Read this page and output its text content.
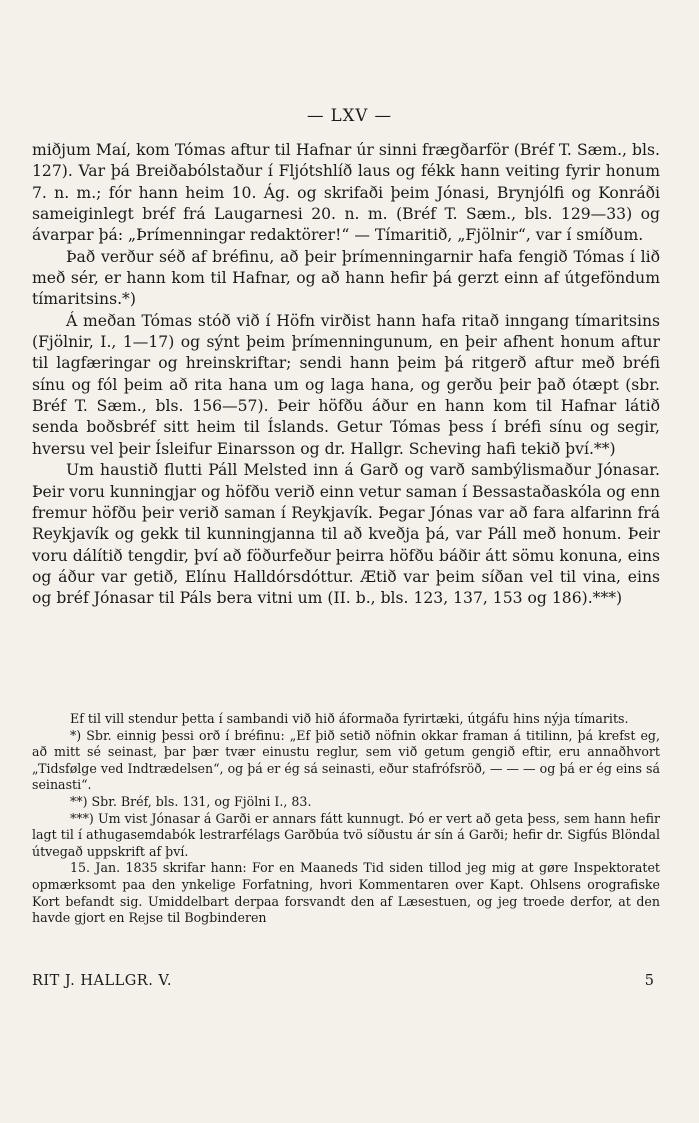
— LXV —

miðjum Maí, kom Tómas aftur til Hafnar úr sinni frægðarför (Bréf T. Sæm., bls. 127). Var þá Breiðabólstaður í Fljótshlíð laus og fékk hann veiting fyrir honum 7. n. m.; fór hann heim 10. Ág. og skrifaði þeim Jónasi, Brynjólfi og Konráði sameiginlegt bréf frá Laugarnesi 20. n. m. (Bréf T. Sæm., bls. 129—33) og ávarpar þá: „Þrímenningar redaktörer!“ — Tímaritið, „Fjölnir“, var í smíðum.

Það verður séð af bréfinu, að þeir þrímenningarnir hafa fengið Tómas í lið með sér, er hann kom til Hafnar, og að hann hefir þá gerzt einn af útgeföndum tímaritsins.*)

Á meðan Tómas stóð við í Höfn virðist hann hafa ritað inngang tímaritsins (Fjölnir, I., 1—17) og sýnt þeim þrímenningunum, en þeir afhent honum aftur til lagfæringar og hreinskriftar; sendi hann þeim þá ritgerð aftur með bréfi sínu og fól þeim að rita hana um og laga hana, og gerðu þeir það ótæpt (sbr. Bréf T. Sæm., bls. 156—57). Þeir höfðu áður en hann kom til Hafnar látið senda boðsbréf sitt heim til Íslands. Getur Tómas þess í bréfi sínu og segir, hversu vel þeir Ísleifur Einarsson og dr. Hallgr. Scheving hafi tekið því.**)

Um haustið flutti Páll Melsted inn á Garð og varð sambýlismaður Jónasar. Þeir voru kunningjar og höfðu verið einn vetur saman í Bessastaðaskóla og enn fremur höfðu þeir verið saman í Reykjavík. Þegar Jónas var að fara alfarinn frá Reykjavík og gekk til kunningjanna til að kveðja þá, var Páll með honum. Þeir voru dálítið tengdir, því að föðurfeður þeirra höfðu báðir átt sömu konuna, eins og áður var getið, Elínu Halldórsdóttur. Ætið var þeim síðan vel til vina, eins og bréf Jónasar til Páls bera vitni um (II. b., bls. 123, 137, 153 og 186).***)

Ef til vill stendur þetta í sambandi við hið áformaða fyrirtæki, útgáfu hins nýja tímarits.

*) Sbr. einnig þessi orð í bréfinu: „Ef þið setið nöfnin okkar framan á titilinn, þá krefst eg, að mitt sé seinast, þar þær tvær einustu reglur, sem við getum gengið eftir, eru annaðhvort „Tidsfølge ved Indtrædelsen“, og þá er ég sá seinasti, eður stafrófsröð, — — — og þá er ég eins sá seinasti“.

**) Sbr. Bréf, bls. 131, og Fjölni I., 83.

***) Um vist Jónasar á Garði er annars fátt kunnugt. Þó er vert að geta þess, sem hann hefir lagt til í athugasemdabók lestrarfélags Garðbúa tvö síðustu ár sín á Garði; hefir dr. Sigfús Blöndal útvegað uppskrift af því.

15. Jan. 1835 skrifar hann: For en Maaneds Tid siden tillod jeg mig at gøre Inspektoratet opmærksomt paa den ynkelige Forfatning, hvori Kommentaren over Kapt. Ohlsens orografiske Kort befandt sig. Umiddelbart derpaa forsvandt den af Læsestuen, og jeg troede derfor, at den havde gjort en Rejse til Bogbinderen

RIT J. HALLGR. V.	5
